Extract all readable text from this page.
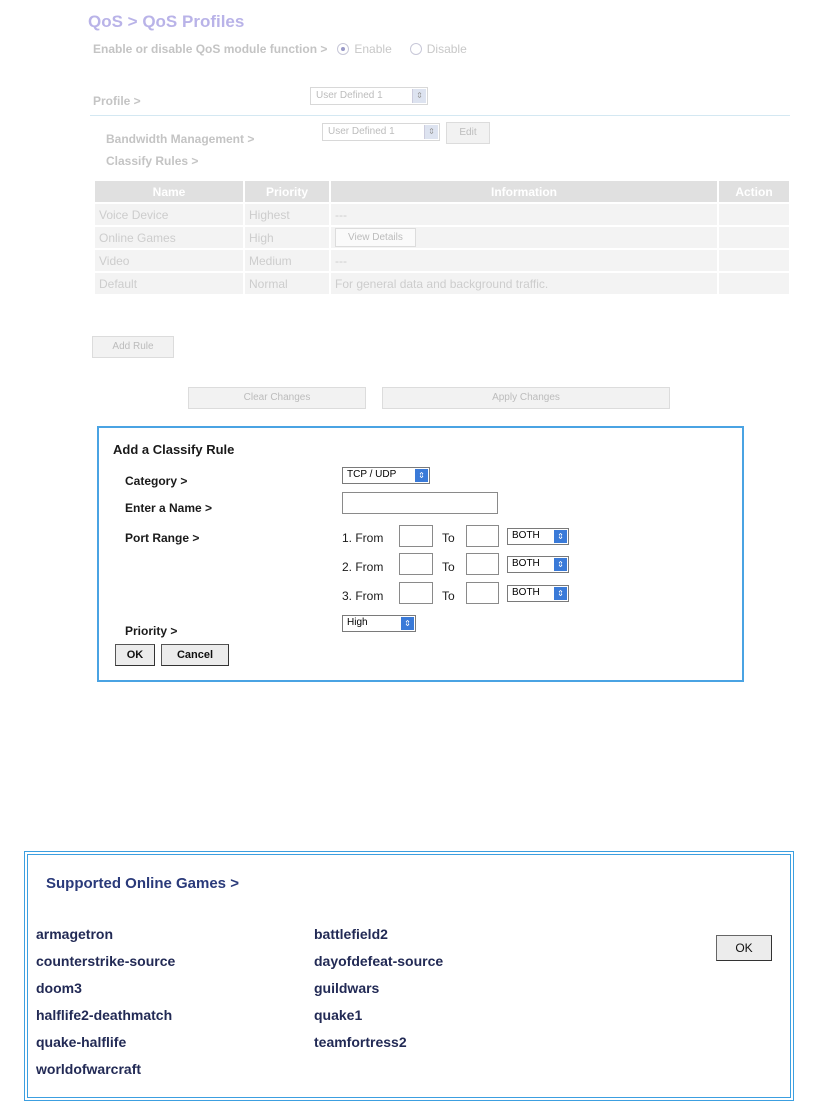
QoS > QoS Profiles
Enable or disable QoS module function > Enable	Disable
Profile >	User Defined 1	⇕
Bandwidth Management >
User Defined 1	⇕	Edit
Classify Rules >
Name	Priority	Information	Action
Voice Device	Highest	---	
Online Games	High	View Details	
Video	Medium	---	
Default	Normal	For general data and background traffic.	
Add Rule
Clear Changes	Apply Changes
Add a Classify Rule
Category >	TCP / UDP	⇕
Enter a Name >
Port Range >	1. From	To	BOTH	⇕
2. From	To	BOTH	⇕
3. From	To	BOTH	⇕
Priority >
High	⇕
OK	Cancel
Supported Online Games >
armagetron
counterstrike-source
doom3
halflife2-deathmatch
quake-halflife
worldofwarcraft
battlefield2
dayofdefeat-source
guildwars
quake1
teamfortress2
OK
